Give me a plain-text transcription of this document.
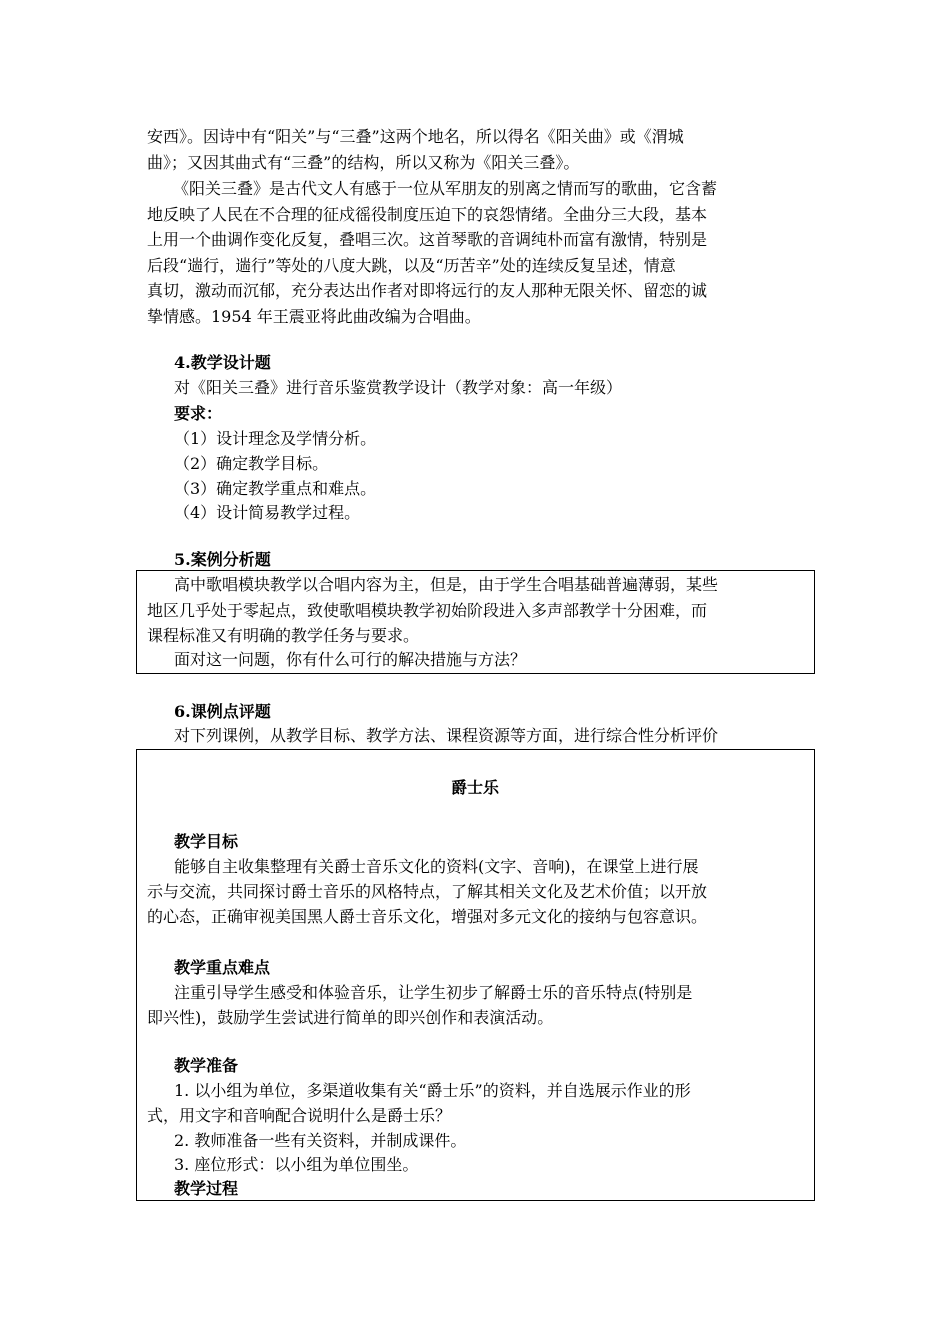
安西》。因诗中有“阳关”与“三叠”这两个地名，所以得名《阳关曲》或《渭城
曲》；又因其曲式有“三叠”的结构，所以又称为《阳关三叠》。
《阳关三叠》是古代文人有感于一位从军朋友的别离之情而写的歌曲，它含蓄
地反映了人民在不合理的征戍徭役制度压迫下的哀怨情绪。全曲分三大段，基本
上用一个曲调作变化反复，叠唱三次。这首琴歌的音调纯朴而富有激情，特别是
后段“遄行，遄行”等处的八度大跳，以及“历苦辛”处的连续反复呈述，情意
真切，激动而沉郁，充分表达出作者对即将远行的友人那种无限关怀、留恋的诚
挚情感。1954 年王震亚将此曲改编为合唱曲。
4.教学设计题
对《阳关三叠》进行音乐鉴赏教学设计（教学对象：高一年级）
要求：
（1）设计理念及学情分析。
（2）确定教学目标。
（3）确定教学重点和难点。
（4）设计简易教学过程。
5.案例分析题
高中歌唱模块教学以合唱内容为主，但是，由于学生合唱基础普遍薄弱，某些
地区几乎处于零起点，致使歌唱模块教学初始阶段进入多声部教学十分困难，而
课程标准又有明确的教学任务与要求。
面对这一问题，你有什么可行的解决措施与方法？
6.课例点评题
对下列课例，从教学目标、教学方法、课程资源等方面，进行综合性分析评价
爵士乐
教学目标
能够自主收集整理有关爵士音乐文化的资料(文字、音响)，在课堂上进行展
示与交流，共同探讨爵士音乐的风格特点，了解其相关文化及艺术价值；以开放
的心态，正确审视美国黑人爵士音乐文化，增强对多元文化的接纳与包容意识。
教学重点难点
注重引导学生感受和体验音乐，让学生初步了解爵士乐的音乐特点(特别是
即兴性)，鼓励学生尝试进行简单的即兴创作和表演活动。
教学准备
1. 以小组为单位，多渠道收集有关“爵士乐”的资料，并自选展示作业的形
式，用文字和音响配合说明什么是爵士乐？
2. 教师准备一些有关资料，并制成课件。
3. 座位形式：以小组为单位围坐。
教学过程
